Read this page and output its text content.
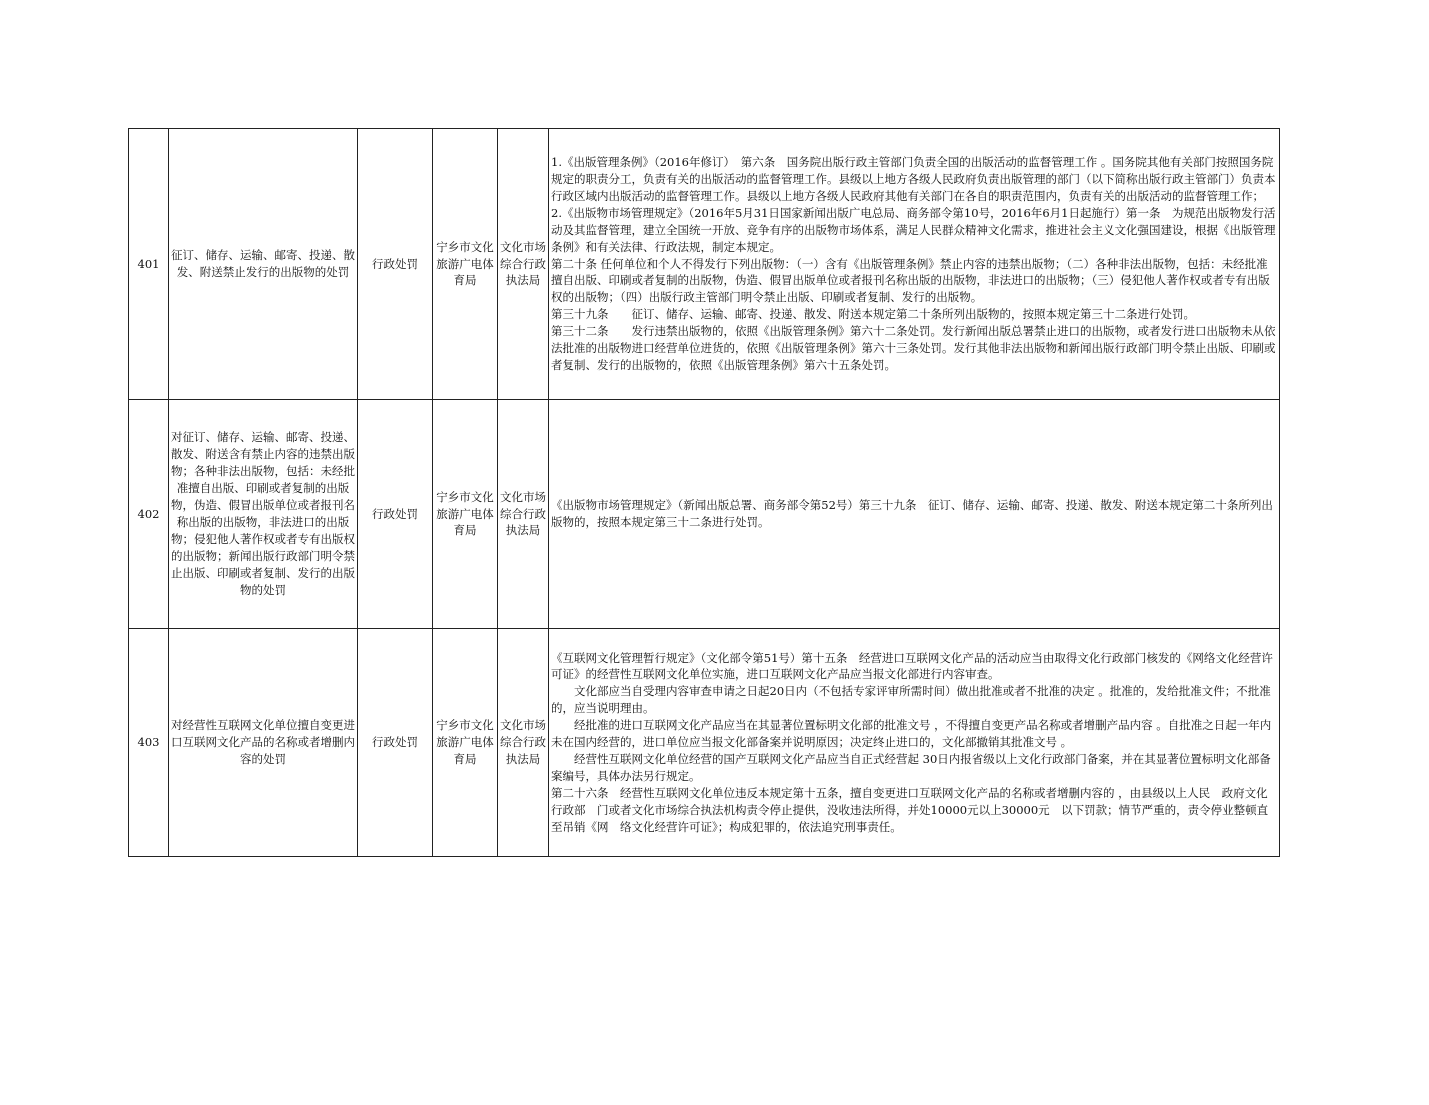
401	征订、储存、运输、邮寄、投递、散发、附送禁止发行的出版物的处罚	行政处罚	宁乡市文化旅游广电体育局	文化市场综合行政执法局	1.《出版管理条例》（2016年修订）　第六条　国务院出版行政主管部门负责全国的出版活动的监督管理工作 。国务院其他有关部门按照国务院规定的职责分工，负责有关的出版活动的监督管理工作。县级以上地方各级人民政府负责出版管理的部门（以下简称出版行政主管部门）负责本行政区域内出版活动的监督管理工作。县级以上地方各级人民政府其他有关部门在各自的职责范围内，负责有关的出版活动的监督管理工作；

2.《出版物市场管理规定》（2016年5月31日国家新闻出版广电总局、商务部令第10号，2016年6月1日起施行）第一条　为规范出版物发行活动及其监督管理，建立全国统一开放、竞争有序的出版物市场体系，满足人民群众精神文化需求，推进社会主义文化强国建设，根据《出版管理条例》和有关法律、行政法规，制定本规定。

第二十条 任何单位和个人不得发行下列出版物：（一）含有《出版管理条例》禁止内容的违禁出版物；（二）各种非法出版物，包括：未经批准擅自出版、印刷或者复制的出版物，伪造、假冒出版单位或者报刊名称出版的出版物，非法进口的出版物；（三）侵犯他人著作权或者专有出版权的出版物；（四）出版行政主管部门明令禁止出版、印刷或者复制、发行的出版物。

第三十九条　　征订、储存、运输、邮寄、投递、散发、附送本规定第二十条所列出版物的，按照本规定第三十二条进行处罚。

第三十二条　　发行违禁出版物的，依照《出版管理条例》第六十二条处罚。发行新闻出版总署禁止进口的出版物，或者发行进口出版物未从依法批准的出版物进口经营单位进货的，依照《出版管理条例》第六十三条处罚。发行其他非法出版物和新闻出版行政部门明令禁止出版、印刷或者复制、发行的出版物的，依照《出版管理条例》第六十五条处罚。

402	对征订、储存、运输、邮寄、投递、散发、附送含有禁止内容的违禁出版物；各种非法出版物，包括：未经批准擅自出版、印刷或者复制的出版物，伪造、假冒出版单位或者报刊名称出版的出版物，非法进口的出版物；侵犯他人著作权或者专有出版权的出版物；新闻出版行政部门明令禁止出版、印刷或者复制、发行的出版物的处罚	行政处罚	宁乡市文化旅游广电体育局	文化市场综合行政执法局	《出版物市场管理规定》（新闻出版总署、商务部令第52号）第三十九条　征订、储存、运输、邮寄、投递、散发、附送本规定第二十条所列出版物的，按照本规定第三十二条进行处罚。

403	对经营性互联网文化单位擅自变更进口互联网文化产品的名称或者增删内容的处罚	行政处罚	宁乡市文化旅游广电体育局	文化市场综合行政执法局	《互联网文化管理暂行规定》（文化部令第51号）第十五条　经营进口互联网文化产品的活动应当由取得文化行政部门核发的《网络文化经营许可证》的经营性互联网文化单位实施，进口互联网文化产品应当报文化部进行内容审查。

　　文化部应当自受理内容审查申请之日起20日内（不包括专家评审所需时间）做出批准或者不批准的决定 。批准的，发给批准文件；不批准的，应当说明理由。

　　经批准的进口互联网文化产品应当在其显著位置标明文化部的批准文号 ，不得擅自变更产品名称或者增删产品内容 。自批准之日起一年内未在国内经营的，进口单位应当报文化部备案并说明原因；决定终止进口的，文化部撤销其批准文号 。

　　经营性互联网文化单位经营的国产互联网文化产品应当自正式经营起 30日内报省级以上文化行政部门备案，并在其显著位置标明文化部备案编号，具体办法另行规定。

第二十六条　经营性互联网文化单位违反本规定第十五条，擅自变更进口互联网文化产品的名称或者增删内容的 ，由县级以上人民　政府文化行政部　门或者文化市场综合执法机构责令停止提供，没收违法所得，并处10000元以上30000元　以下罚款；情节严重的，责令停业整顿直至吊销《网　络文化经营许可证》；构成犯罪的，依法追究刑事责任。
